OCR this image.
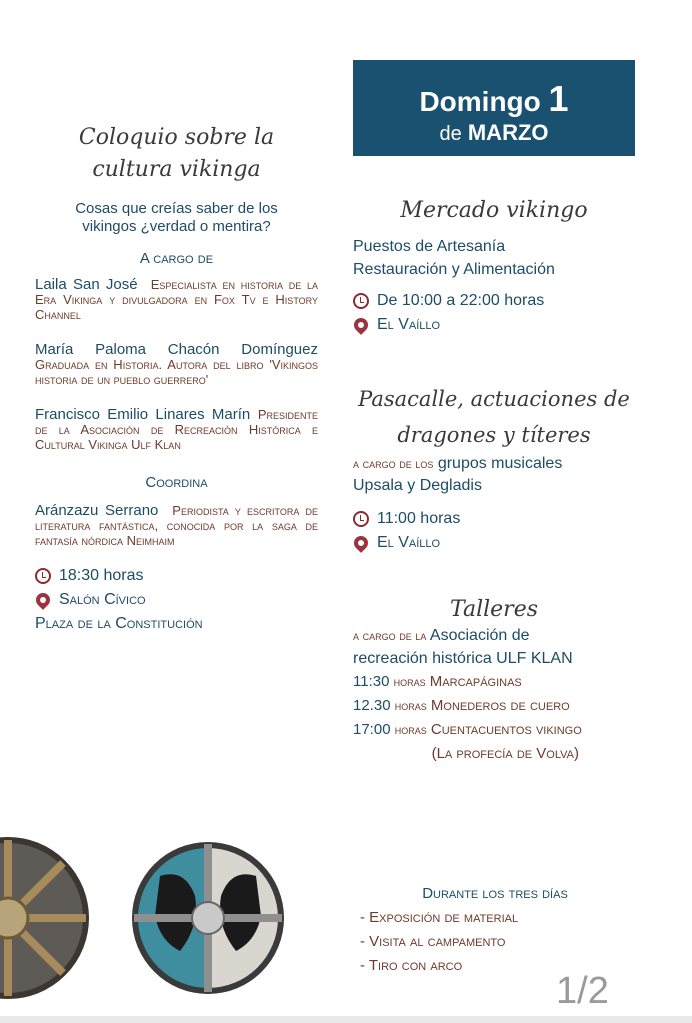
Domingo 1
de MARZO
Coloquio sobre la
cultura vikinga
Cosas que creías saber de los vikingos ¿verdad o mentira?
A cargo de
Laila San José Especialista en historia de la Era Vikinga y divulgadora en Fox Tv e History Channel
María Paloma Chacón Domínguez Graduada en Historia. Autora del libro 'Vikingos historia de un pueblo guerrero'
Francisco Emilio Linares Marín Presidente de la Asociación de Recreación Histórica e Cultural Vikinga Ulf Klan
Coordina
Aránzazu Serrano Periodista y escritora de literatura fantástica, conocida por la saga de fantasía nórdica Neimhaim
18:30 horas
Salón Cívico
Plaza de la Constitución
Mercado vikingo
Puestos de Artesanía
Restauración y Alimentación
De 10:00 a 22:00 horas
El Vaíllo
Pasacalle, actuaciones de dragones y títeres
a cargo de los grupos musicales
Upsala y Degladis
11:00 horas
El Vaíllo
Talleres
a cargo de la Asociación de
recreación histórica ULF KLAN
11:30 horas Marcapáginas
12.30 horas Monederos de cuero
17:00 horas Cuentacuentos vikingo
(La profecía de Volva)
Durante los tres días
- Exposición de material
- Visita al campamento
- Tiro con arco
1/2
